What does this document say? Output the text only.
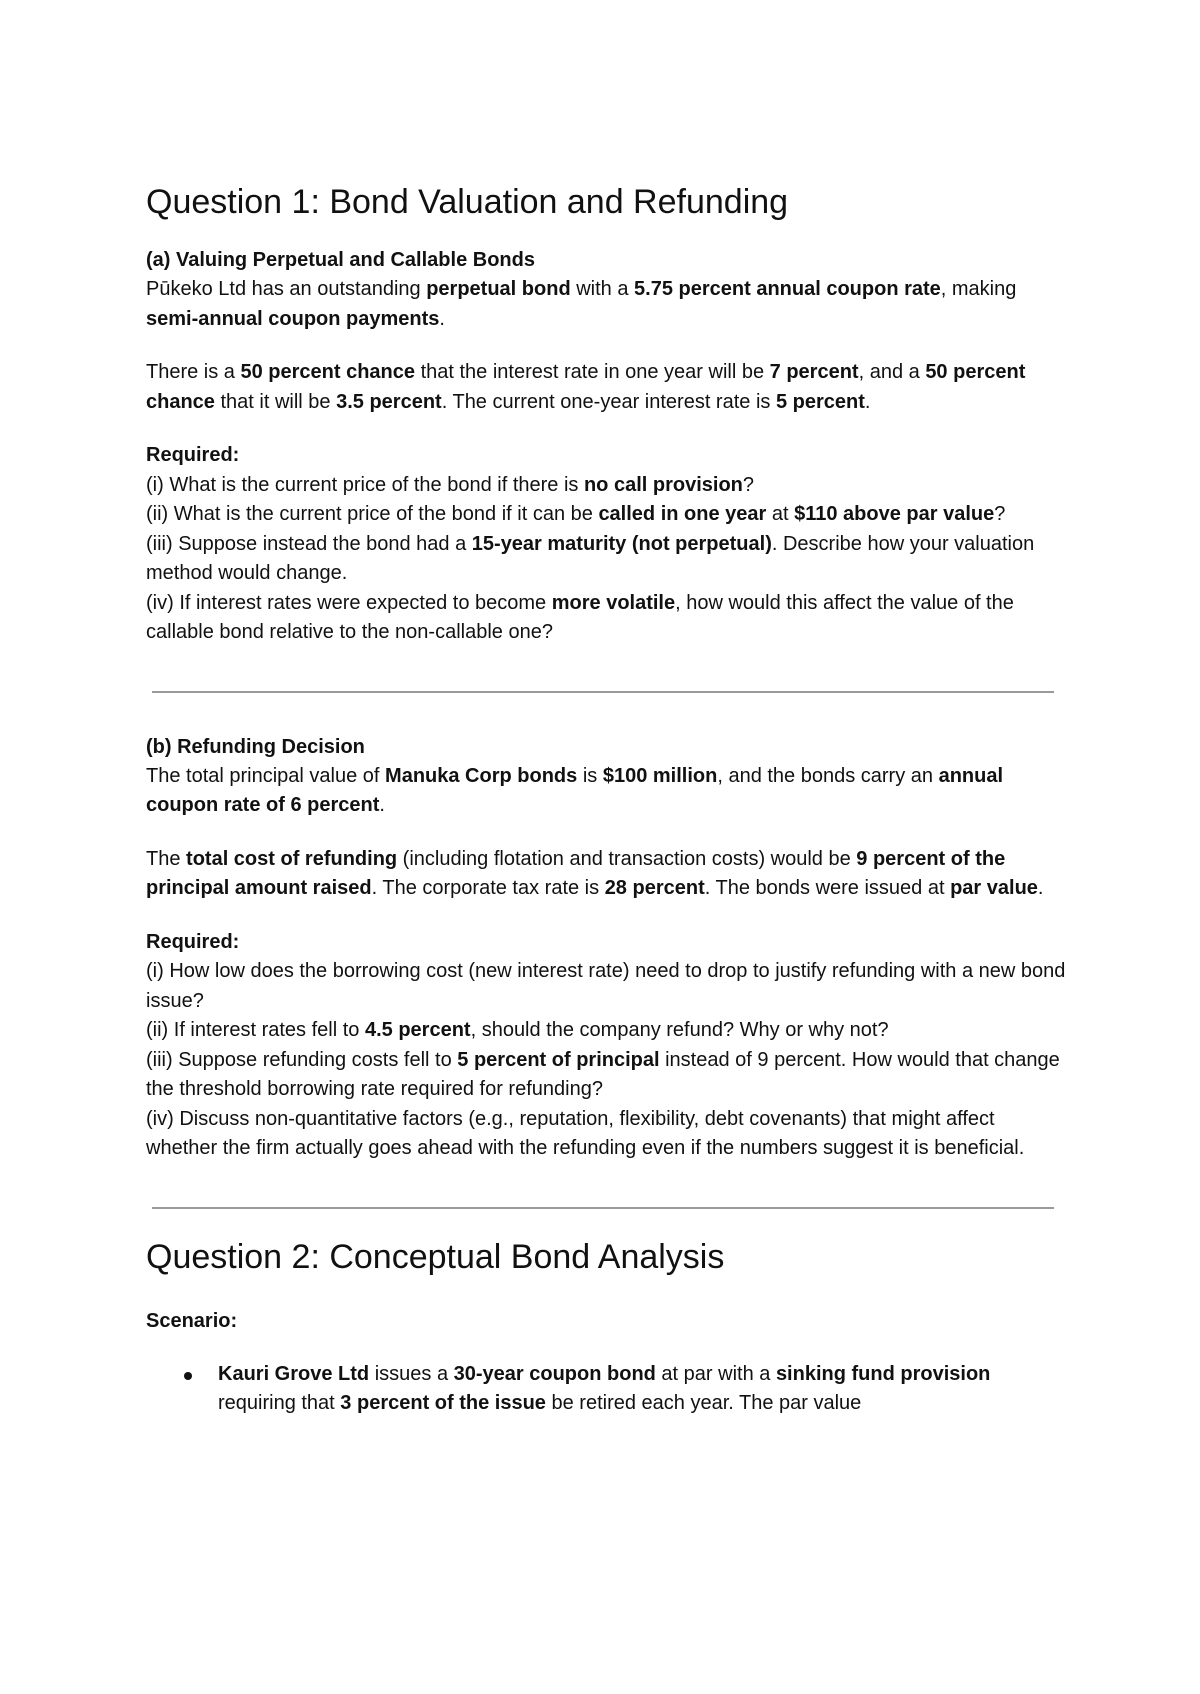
Question 1: Bond Valuation and Refunding
(a) Valuing Perpetual and Callable Bonds

Pūkeko Ltd has an outstanding perpetual bond with a 5.75 percent annual coupon rate, making semi-annual coupon payments.

There is a 50 percent chance that the interest rate in one year will be 7 percent, and a 50 percent chance that it will be 3.5 percent. The current one-year interest rate is 5 percent.

Required:

(i) What is the current price of the bond if there is no call provision?

(ii) What is the current price of the bond if it can be called in one year at $110 above par value?

(iii) Suppose instead the bond had a 15-year maturity (not perpetual). Describe how your valuation method would change.

(iv) If interest rates were expected to become more volatile, how would this affect the value of the callable bond relative to the non-callable one?

(b) Refunding Decision

The total principal value of Manuka Corp bonds is $100 million, and the bonds carry an annual coupon rate of 6 percent.

The total cost of refunding (including flotation and transaction costs) would be 9 percent of the principal amount raised. The corporate tax rate is 28 percent. The bonds were issued at par value.

Required:

(i) How low does the borrowing cost (new interest rate) need to drop to justify refunding with a new bond issue?

(ii) If interest rates fell to 4.5 percent, should the company refund? Why or why not?

(iii) Suppose refunding costs fell to 5 percent of principal instead of 9 percent. How would that change the threshold borrowing rate required for refunding?

(iv) Discuss non-quantitative factors (e.g., reputation, flexibility, debt covenants) that might affect whether the firm actually goes ahead with the refunding even if the numbers suggest it is beneficial.

Question 2: Conceptual Bond Analysis
Scenario:
Kauri Grove Ltd issues a 30-year coupon bond at par with a sinking fund provision requiring that 3 percent of the issue be retired each year. The par value
